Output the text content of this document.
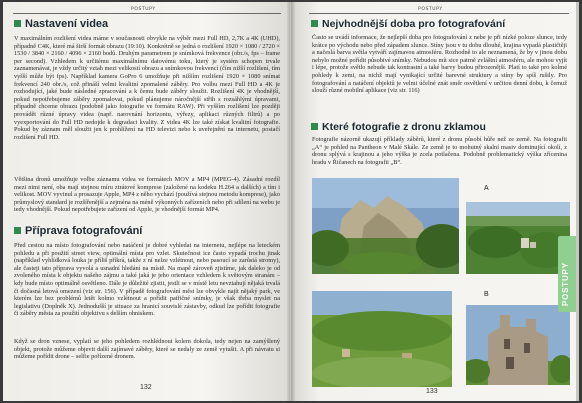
POSTUPY
Nastavení videa

V maximálním rozlišení videa máme v současnosti obvykle na výběr mezi Full HD, 2,7K a 4K (UHD), případně C4K, které má širší formát obrazu (19:10). Konkrétně se jedná o rozlišení 1920 × 1080 / 2720 × 1530 / 3840 × 2160 / 4096 × 2160 bodů. Druhým parametrem je snímková frekvence (obr./s, fps – frame per second). Vzhledem k určitému maximálnímu datovému toku, který je systém schopen trvale zaznamenávat, je vždy určitý vztah mezi velikostí obrazu a snímkovou frekvencí (čím nižší rozlišení, tím vyšší může být fps). Například kamera GoPro 6 umožňuje při nižším rozlišení 1920 × 1080 snímat frekvencí 240 obr./s, což přináší velmi kvalitní zpomalené záběry. Pro volbu mezi Full HD a 4K je rozhodující, jaké bude následné zpracování a k čemu bude záběry sloužit. Rozlišení 4K je vhodnější, pokud nepotřebujeme záběry zpomalovat, pokud plánujeme náročnější střih s rozsáhlými úpravami, případně chceme obrazu (podobně jako fotografie ve formátu RAW). Při vyšším rozlišení lze později provádět různé úpravy videa (např. narovnání horizontu, výřezy, aplikaci různých filtrů) a po vyexportování do Full HD nedojde k degradaci kvality. Z videa 4K lze také získat kvalitní fotografie. Pokud by záznam měl sloužit jen k prohlížení na HD televizi nebo k uveřejnění na internetu, postačí rozlišení Full HD.

Většina dronů umožňuje volbu záznamu videa ve formátech MOV a MP4 (MPEG-4). Zásadní rozdíl mezi nimi není, oba mají stejnou míru ztrátové komprese (založené na kodeku H.264 a dalších) a tím i velikost. MOV vyvinul a prosazuje Apple, MP4 z něho vychází (používá stejnou metodu komprese), jako průmyslový standard je rozšířenější a zejména na méně výkonných zařízeních nebo při sdílení na webu je tedy vhodnější. Pokud nepotřebujete zařízení od Apple, je vhodnější formát MP4.

Příprava fotografování

Před cestou na místo fotografování nebo natáčení je dobré vyhledat na internetu, nejlépe na leteckém pohledu a při použití street view, optimální místa pro vzlet. Skutečnost ice často vypadá trochu jinak (například vyhlídková louka je příliš příkrá, takže z ní nelze vzlétnout, nebo pasoucí se zarůstá stromy), ale časteji tato příprava vyvolá a usnadní hledání na místě. Na mapě zároveň zjistíme, jak daleko je od zvoleného místa k objektu našeho zájmu a také jaká je jeho orientace vzhledem k světovým stranám – kdy bude místo optimálně osvětleno. Dále je důležité zjistit, jestli se v místě letu nevztahují nějaká trvalá či dočasná letová omezení (viz str. 156). V případě fotografování měst lze obvykle najít nějaký park, ve kterém lze bez problémů letět kolmo vzlétnout a pořídit patřičné snímky, je však třeba myslet na legislativu (Doplněk X). Jednodušší je situace za hranicí souvislé zástavby, odkud lze pořídit fotografie či záběry města za použití objektivu s delším ohniskem.

Když se dron vznese, vyplatí se jeho pohledem rozhlédnout kolem dokola, tedy nejen na zamýšlený objekt, protože můžeme objevit další zajímavé záběry, které se nedaly ze země vytušit. A při návratu si můžeme pořídit drone – selfie pořízené dronem.

132
POSTUPY
Nejvhodnější doba pro fotografování

Často se uvádí informace, že nejlepší doba pro fotografování z nebe je při nízké poloze slunce, tedy krátce po východu nebo před západem slunce. Stíny jsou v tu dobu dlouhé, krajina vypadá plastičtěji a načeslá barva světla vytváří zajímavou atmosféru. Rozhodně to ale neznamená, že by v jinou dobu nebylo možné pořídit působivé snímky. Nebudou mít sice patrně zvláštní atmosféru, ale mohou vyjít i lépe, protože světlo nebude tak kontrastní a také barvy budou přirozenější. Platí to také pro kolmé pohledy k zemi, na nichž mají vynikající určité barevné struktury a stíny by spíš rušily. Pro fotografování a natáčení objektů je velmi účelné znát směr osvětlení v určitou denní dobu, k čemuž slouží různé mobilní aplikace (viz str. 116)

Které fotografie z dronu zklamou

Fotografie názorně ukazují příklady záběrů, které z dronu působí hůře než ze země. Na fotografii „A“ je pohled na Pantheon v Malé Skále. Ze země je to mohutný skalní masiv dominující okolí, z dronu splývá s krajinou a jeho výška je zcela potlačena. Podobně problematický výška zřícenina hradu v Řičanech na fotografii „B“.

A
B
133
POSTUPY
